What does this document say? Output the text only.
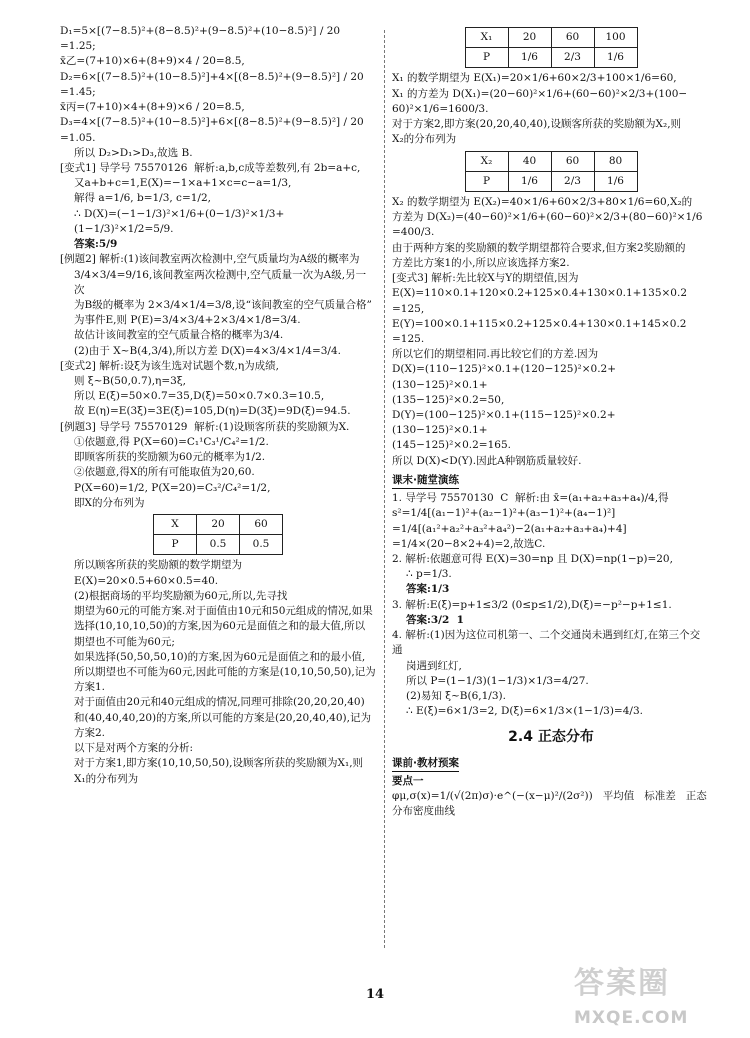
D₁=5×[(7−8.5)²+(8−8.5)²+(9−8.5)²+(10−8.5)²] / 20
=1.25;
x̄乙=(7+10)×6+(8+9)×4 / 20=8.5,
D₂=6×[(7−8.5)²+(10−8.5)²]+4×[(8−8.5)²+(9−8.5)²] / 20
=1.45;
x̄丙=(7+10)×4+(8+9)×6 / 20=8.5,
D₃=4×[(7−8.5)²+(10−8.5)²]+6×[(8−8.5)²+(9−8.5)²] / 20
=1.05.
所以 D₂>D₁>D₃,故选 B.
[变式1] 导学号 75570126  解析:a,b,c成等差数列,有 2b=a+c,
又a+b+c=1,E(X)=−1×a+1×c=c−a=1/3,
解得 a=1/6, b=1/3, c=1/2,
∴ D(X)=(−1−1/3)²×1/6+(0−1/3)²×1/3+(1−1/3)²×1/2=5/9.
答案:5/9
[例题2] 解析:(1)该间教室两次检测中,空气质量均为A级的概率为
3/4×3/4=9/16,该间教室两次检测中,空气质量一次为A级,另一次
为B级的概率为 2×3/4×1/4=3/8,设“该间教室的空气质量合格”
为事件E,则 P(E)=3/4×3/4+2×3/4×1/8=3/4.
故估计该间教室的空气质量合格的概率为3/4.
(2)由于 X~B(4,3/4),所以方差 D(X)=4×3/4×1/4=3/4.
[变式2] 解析:设ξ为该生选对试题个数,η为成绩,
则 ξ~B(50,0.7),η=3ξ,
所以 E(ξ)=50×0.7=35,D(ξ)=50×0.7×0.3=10.5,
故 E(η)=E(3ξ)=3E(ξ)=105,D(η)=D(3ξ)=9D(ξ)=94.5.
[例题3] 导学号 75570129  解析:(1)设顾客所获的奖励额为X.
①依题意,得 P(X=60)=C₁¹C₃¹/C₄²=1/2.
即顾客所获的奖励额为60元的概率为1/2.
②依题意,得X的所有可能取值为20,60.
P(X=60)=1/2, P(X=20)=C₃²/C₄²=1/2,
即X的分布列为
X	20	60
P	0.5	0.5
所以顾客所获的奖励额的数学期望为
E(X)=20×0.5+60×0.5=40.
(2)根据商场的平均奖励额为60元,所以,先寻找
期望为60元的可能方案.对于面值由10元和50元组成的情况,如果
选择(10,10,10,50)的方案,因为60元是面值之和的最大值,所以
期望也不可能为60元;
如果选择(50,50,50,10)的方案,因为60元是面值之和的最小值,
所以期望也不可能为60元,因此可能的方案是(10,10,50,50),记为
方案1.
对于面值由20元和40元组成的情况,同理可排除(20,20,20,40)
和(40,40,40,20)的方案,所以可能的方案是(20,20,40,40),记为
方案2.
以下是对两个方案的分析:
对于方案1,即方案(10,10,50,50),设顾客所获的奖励额为X₁,则
X₁的分布列为
X₁	20	60	100
P	1/6	2/3	1/6
X₁ 的数学期望为 E(X₁)=20×1/6+60×2/3+100×1/6=60,
X₁ 的方差为 D(X₁)=(20−60)²×1/6+(60−60)²×2/3+(100−
60)²×1/6=1600/3.
对于方案2,即方案(20,20,40,40),设顾客所获的奖励额为X₂,则
X₂的分布列为
X₂	40	60	80
P	1/6	2/3	1/6
X₂ 的数学期望为 E(X₂)=40×1/6+60×2/3+80×1/6=60,X₂的
方差为 D(X₂)=(40−60)²×1/6+(60−60)²×2/3+(80−60)²×1/6
=400/3.
由于两种方案的奖励额的数学期望都符合要求,但方案2奖励额的
方差比方案1的小,所以应该选择方案2.
[变式3] 解析:先比较X与Y的期望值,因为
E(X)=110×0.1+120×0.2+125×0.4+130×0.1+135×0.2
=125,
E(Y)=100×0.1+115×0.2+125×0.4+130×0.1+145×0.2
=125.
所以它们的期望相同.再比较它们的方差.因为
D(X)=(110−125)²×0.1+(120−125)²×0.2+(130−125)²×0.1+
(135−125)²×0.2=50,
D(Y)=(100−125)²×0.1+(115−125)²×0.2+(130−125)²×0.1+
(145−125)²×0.2=165.
所以 D(X)<D(Y).因此A种钢筋质量较好.
课末·随堂演练
1. 导学号 75570130  C  解析:由 x̄=(a₁+a₂+a₃+a₄)/4,得
s²=1/4[(a₁−1)²+(a₂−1)²+(a₃−1)²+(a₄−1)²]
=1/4[(a₁²+a₂²+a₃²+a₄²)−2(a₁+a₂+a₃+a₄)+4]
=1/4×(20−8×2+4)=2,故选C.
2. 解析:依题意可得 E(X)=30=np 且 D(X)=np(1−p)=20,
∴ p=1/3.
答案:1/3
3. 解析:E(ξ)=p+1≤3/2 (0≤p≤1/2),D(ξ)=−p²−p+1≤1.
答案:3/2  1
4. 解析:(1)因为这位司机第一、二个交通岗未遇到红灯,在第三个交通
岗遇到红灯,
所以 P=(1−1/3)(1−1/3)×1/3=4/27.
(2)易知 ξ~B(6,1/3).
∴ E(ξ)=6×1/3=2, D(ξ)=6×1/3×(1−1/3)=4/3.
2.4 正态分布
课前·教材预案
要点一
φμ,σ(x)=1/(√(2π)σ)·e^(−(x−μ)²/(2σ²))   平均值   标准差   正态分布密度曲线
14	答案圈
MXQE.COM
